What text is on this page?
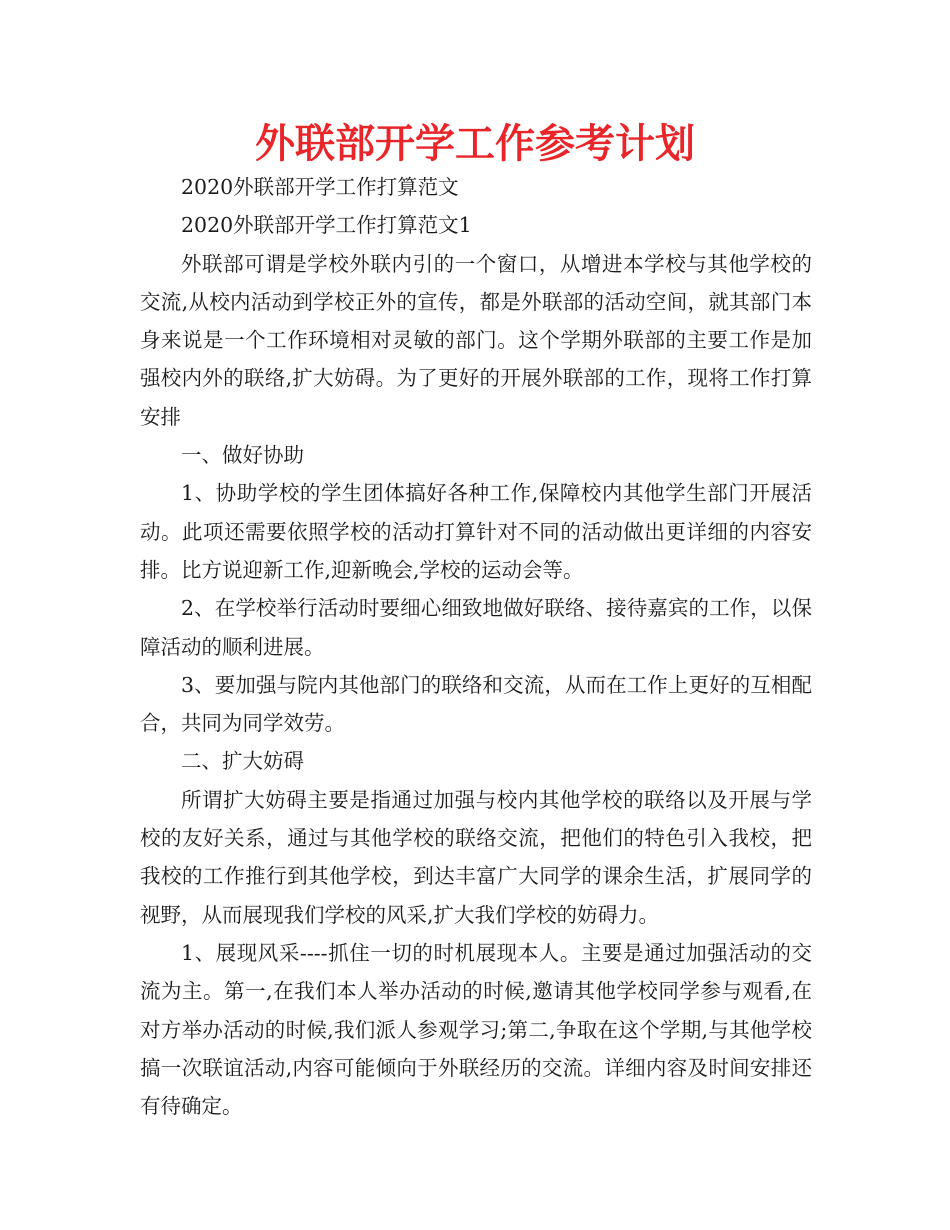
外联部开学工作参考计划

2020外联部开学工作打算范文

2020外联部开学工作打算范文1

外联部可谓是学校外联内引的一个窗口，从增进本学校与其他学校的交流,从校内活动到学校正外的宣传，都是外联部的活动空间，就其部门本身来说是一个工作环境相对灵敏的部门。这个学期外联部的主要工作是加强校内外的联络,扩大妨碍。为了更好的开展外联部的工作，现将工作打算安排

一、做好协助

1、协助学校的学生团体搞好各种工作,保障校内其他学生部门开展活动。此项还需要依照学校的活动打算针对不同的活动做出更详细的内容安排。比方说迎新工作,迎新晚会,学校的运动会等。

2、在学校举行活动时要细心细致地做好联络、接待嘉宾的工作，以保障活动的顺利进展。

3、要加强与院内其他部门的联络和交流，从而在工作上更好的互相配合，共同为同学效劳。

二、扩大妨碍

所谓扩大妨碍主要是指通过加强与校内其他学校的联络以及开展与学校的友好关系，通过与其他学校的联络交流，把他们的特色引入我校，把我校的工作推行到其他学校，到达丰富广大同学的课余生活，扩展同学的视野，从而展现我们学校的风采,扩大我们学校的妨碍力。

1、展现风采----抓住一切的时机展现本人。主要是通过加强活动的交流为主。第一,在我们本人举办活动的时候,邀请其他学校同学参与观看,在对方举办活动的时候,我们派人参观学习;第二,争取在这个学期,与其他学校搞一次联谊活动,内容可能倾向于外联经历的交流。详细内容及时间安排还有待确定。
